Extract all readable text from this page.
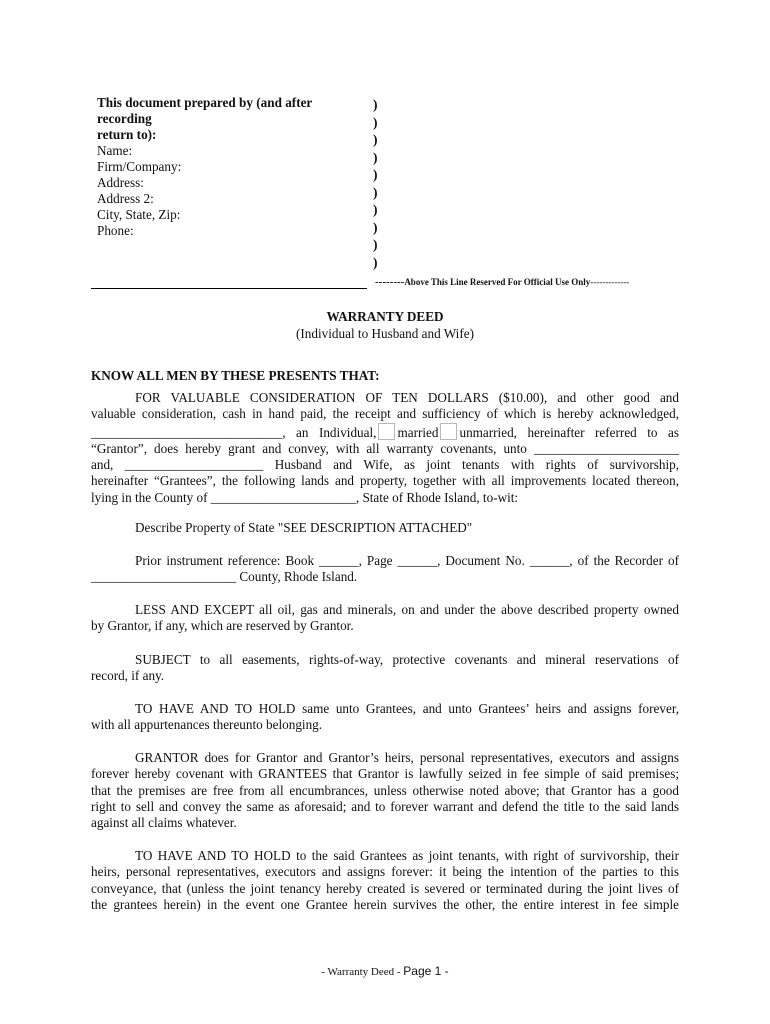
This document prepared by (and after recording
return to):
Name:
Firm/Company:
Address:
Address 2:
City, State, Zip:
Phone:
)
)
)
)
)
)
)
)
)
)
--------Above This Line Reserved For Official Use Only-------------
WARRANTY DEED
(Individual to Husband and Wife)
KNOW ALL MEN BY THESE PRESENTS THAT:
FOR VALUABLE CONSIDERATION OF TEN DOLLARS ($10.00), and other good and
valuable consideration, cash in hand paid, the receipt and sufficiency of which is hereby acknowledged,
_____________________________, an Individual, married unmarried, hereinafter referred to as
“Grantor”, does hereby grant and convey, with all warranty covenants, unto ______________________
and, _____________________ Husband and Wife, as joint tenants with rights of survivorship,
hereinafter “Grantees”, the following lands and property, together with all improvements located thereon,
lying in the County of ______________________, State of Rhode Island, to-wit:
Describe Property of State "SEE DESCRIPTION ATTACHED"
Prior instrument reference: Book ______, Page ______, Document No. ______, of the Recorder of
______________________ County, Rhode Island.
LESS AND EXCEPT all oil, gas and minerals, on and under the above described property owned
by Grantor, if any, which are reserved by Grantor.
SUBJECT to all easements, rights-of-way, protective covenants and mineral reservations of
record, if any.
TO HAVE AND TO HOLD same unto Grantees, and unto Grantees’ heirs and assigns forever,
with all appurtenances thereunto belonging.
GRANTOR does for Grantor and Grantor’s heirs, personal representatives, executors and assigns
forever hereby covenant with GRANTEES that Grantor is lawfully seized in fee simple of said premises;
that the premises are free from all encumbrances, unless otherwise noted above; that Grantor has a good
right to sell and convey the same as aforesaid; and to forever warrant and defend the title to the said lands
against all claims whatever.
TO HAVE AND TO HOLD to the said Grantees as joint tenants, with right of survivorship, their
heirs, personal representatives, executors and assigns forever: it being the intention of the parties to this
conveyance, that (unless the joint tenancy hereby created is severed or terminated during the joint lives of
the grantees herein) in the event one Grantee herein survives the other, the entire interest in fee simple
- Warranty Deed - Page 1 -
